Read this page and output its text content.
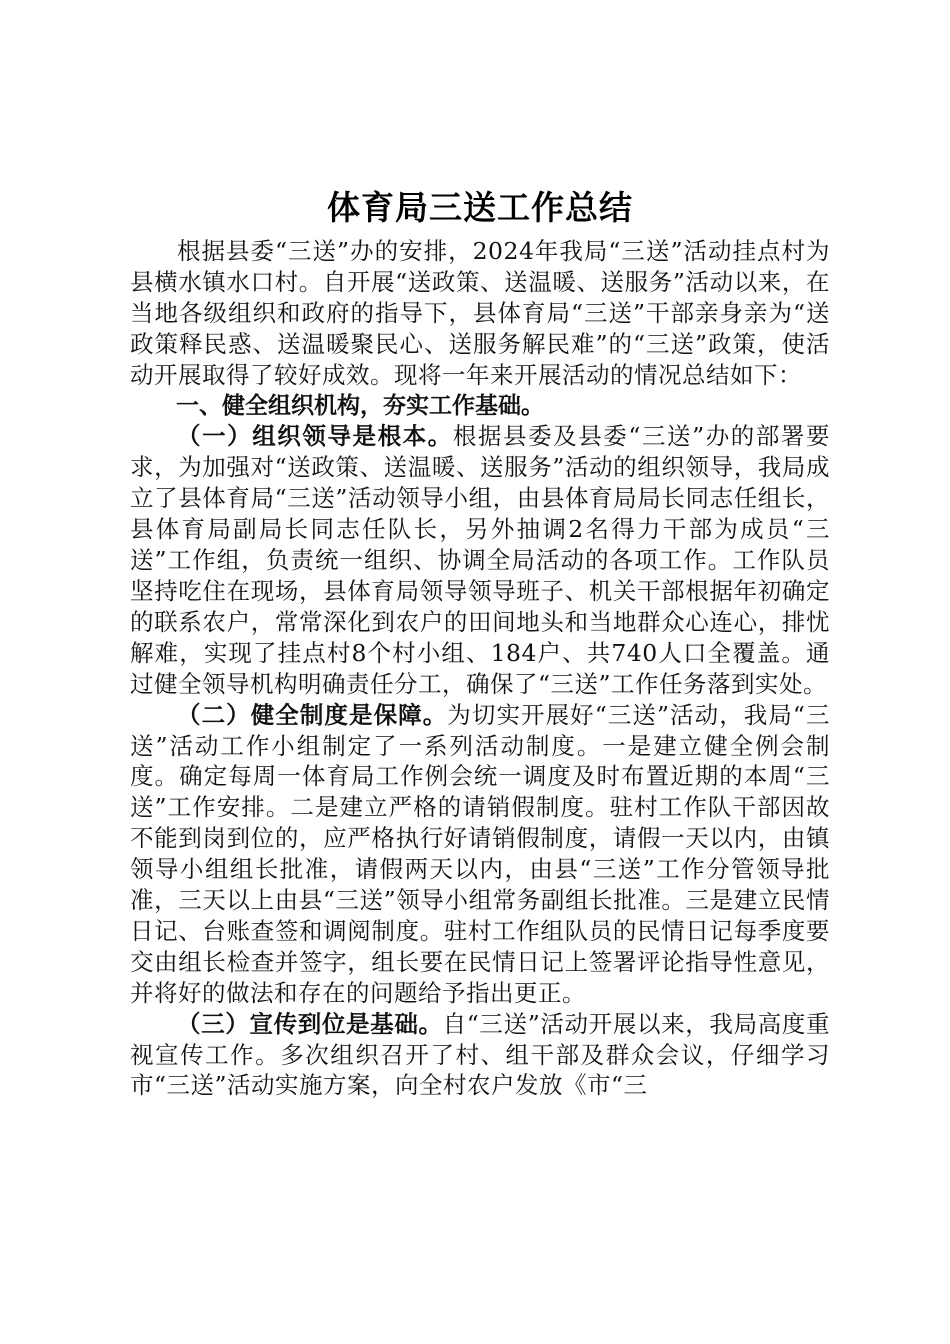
体育局三送工作总结

根据县委“三送”办的安排，2024年我局“三送”活动挂点村为县横水镇水口村。自开展“送政策、送温暖、送服务”活动以来，在当地各级组织和政府的指导下，县体育局“三送”干部亲身亲为“送政策释民惑、送温暖聚民心、送服务解民难”的“三送”政策，使活动开展取得了较好成效。现将一年来开展活动的情况总结如下：

一、健全组织机构，夯实工作基础。

（一）组织领导是根本。根据县委及县委“三送”办的部署要求，为加强对“送政策、送温暖、送服务”活动的组织领导，我局成立了县体育局“三送”活动领导小组，由县体育局局长同志任组长，县体育局副局长同志任队长，另外抽调2名得力干部为成员“三送”工作组，负责统一组织、协调全局活动的各项工作。工作队员坚持吃住在现场，县体育局领导领导班子、机关干部根据年初确定的联系农户，常常深化到农户的田间地头和当地群众心连心，排忧解难，实现了挂点村8个村小组、184户、共740人口全覆盖。通过健全领导机构明确责任分工，确保了“三送”工作任务落到实处。

（二）健全制度是保障。为切实开展好“三送”活动，我局“三送”活动工作小组制定了一系列活动制度。一是建立健全例会制度。确定每周一体育局工作例会统一调度及时布置近期的本周“三送”工作安排。二是建立严格的请销假制度。驻村工作队干部因故不能到岗到位的，应严格执行好请销假制度，请假一天以内，由镇领导小组组长批准，请假两天以内，由县“三送”工作分管领导批准，三天以上由县“三送”领导小组常务副组长批准。三是建立民情日记、台账查签和调阅制度。驻村工作组队员的民情日记每季度要交由组长检查并签字，组长要在民情日记上签署评论指导性意见，并将好的做法和存在的问题给予指出更正。

（三）宣传到位是基础。自“三送”活动开展以来，我局高度重视宣传工作。多次组织召开了村、组干部及群众会议，仔细学习市“三送”活动实施方案，向全村农户发放《市“三
